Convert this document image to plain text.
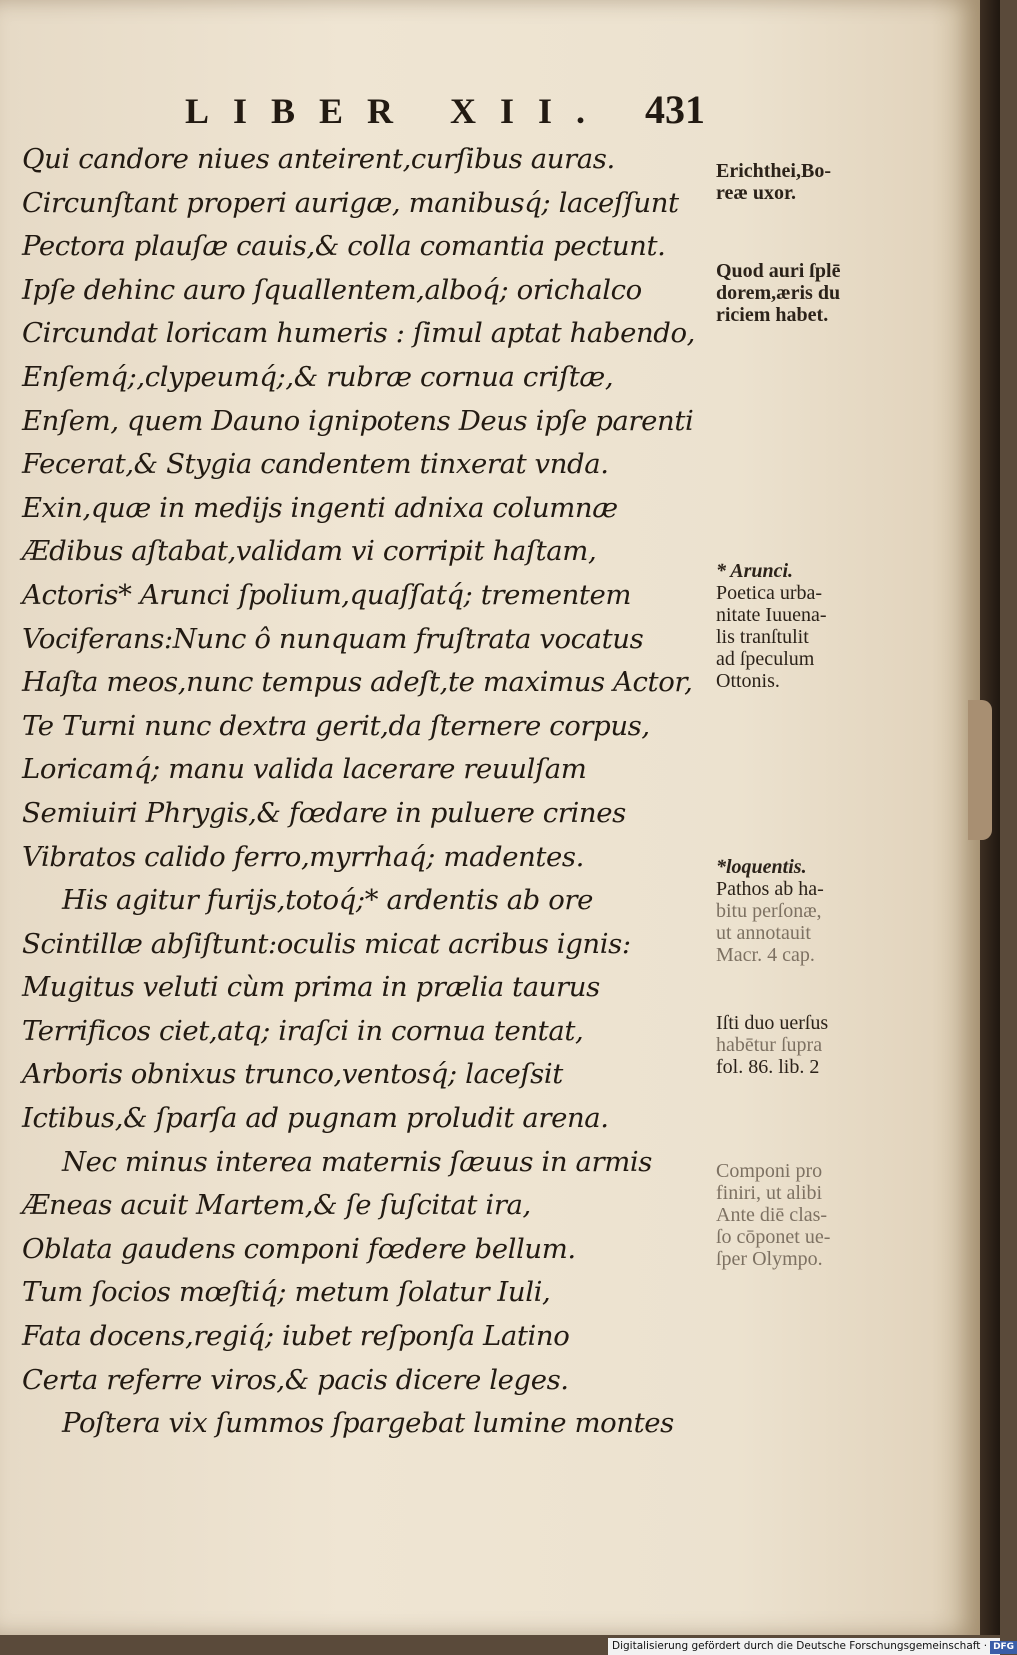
LIBER XII. 431
Qui candore niues anteirent,curſibus auras.
Circunſtant properi aurigæ, manibusq́; laceſſunt
Pectora plauſæ cauis,& colla comantia pectunt.
Ipſe dehinc auro ſquallentem,alboq́; orichalco
Circundat loricam humeris : ſimul aptat habendo,
Enſemq́;,clypeumq́;,& rubræ cornua criſtæ,
Enſem, quem Dauno ignipotens Deus ipſe parenti
Fecerat,& Stygia candentem tinxerat vnda.
Exin,quæ in medijs ingenti adnixa columnæ
Ædibus aſtabat,validam vi corripit haſtam,
Actoris* Arunci ſpolium,quaſſatq́; trementem
Vociferans:Nunc ô nunquam fruſtrata vocatus
Haſta meos,nunc tempus adeſt,te maximus Actor,
Te Turni nunc dextra gerit,da ſternere corpus,
Loricamq́; manu valida lacerare reuulſam
Semiuiri Phrygis,& fœdare in puluere crines
Vibratos calido ferro,myrrhaq́; madentes.
His agitur furijs,totoq́;* ardentis ab ore
Scintillæ abſiſtunt:oculis micat acribus ignis:
Mugitus veluti cùm prima in prælia taurus
Terrificos ciet,atq; iraſci in cornua tentat,
Arboris obnixus trunco,ventosq́; laceſsit
Ictibus,& ſparſa ad pugnam proludit arena.
Nec minus interea maternis ſæuus in armis
Æneas acuit Martem,& ſe ſuſcitat ira,
Oblata gaudens componi fœdere bellum.
Tum ſocios mœſtiq́; metum ſolatur Iuli,
Fata docens,regiq́; iubet reſponſa Latino
Certa referre viros,& pacis dicere leges.
Poſtera vix ſummos ſpargebat lumine montes
Erichthei,Bo-
reæ uxor.
Quod auri ſplē
dorem,æris du
riciem habet.
* Arunci.
Poetica urba-
nitate Iuuena-
lis tranſtulit
ad ſpeculum
Ottonis.
*loquentis.
Pathos ab ha-
bitu perſonæ,
ut annotauit
Macr. 4 cap.
Iſti duo uerſus
habētur ſupra
fol. 86. lib. 2
Componi pro
finiri, ut alibi
Ante diē clas-
ſo cōponet ue-
ſper Olympo.
Digitalisierung gefördert durch die Deutsche Forschungsgemeinschaft · DFG
